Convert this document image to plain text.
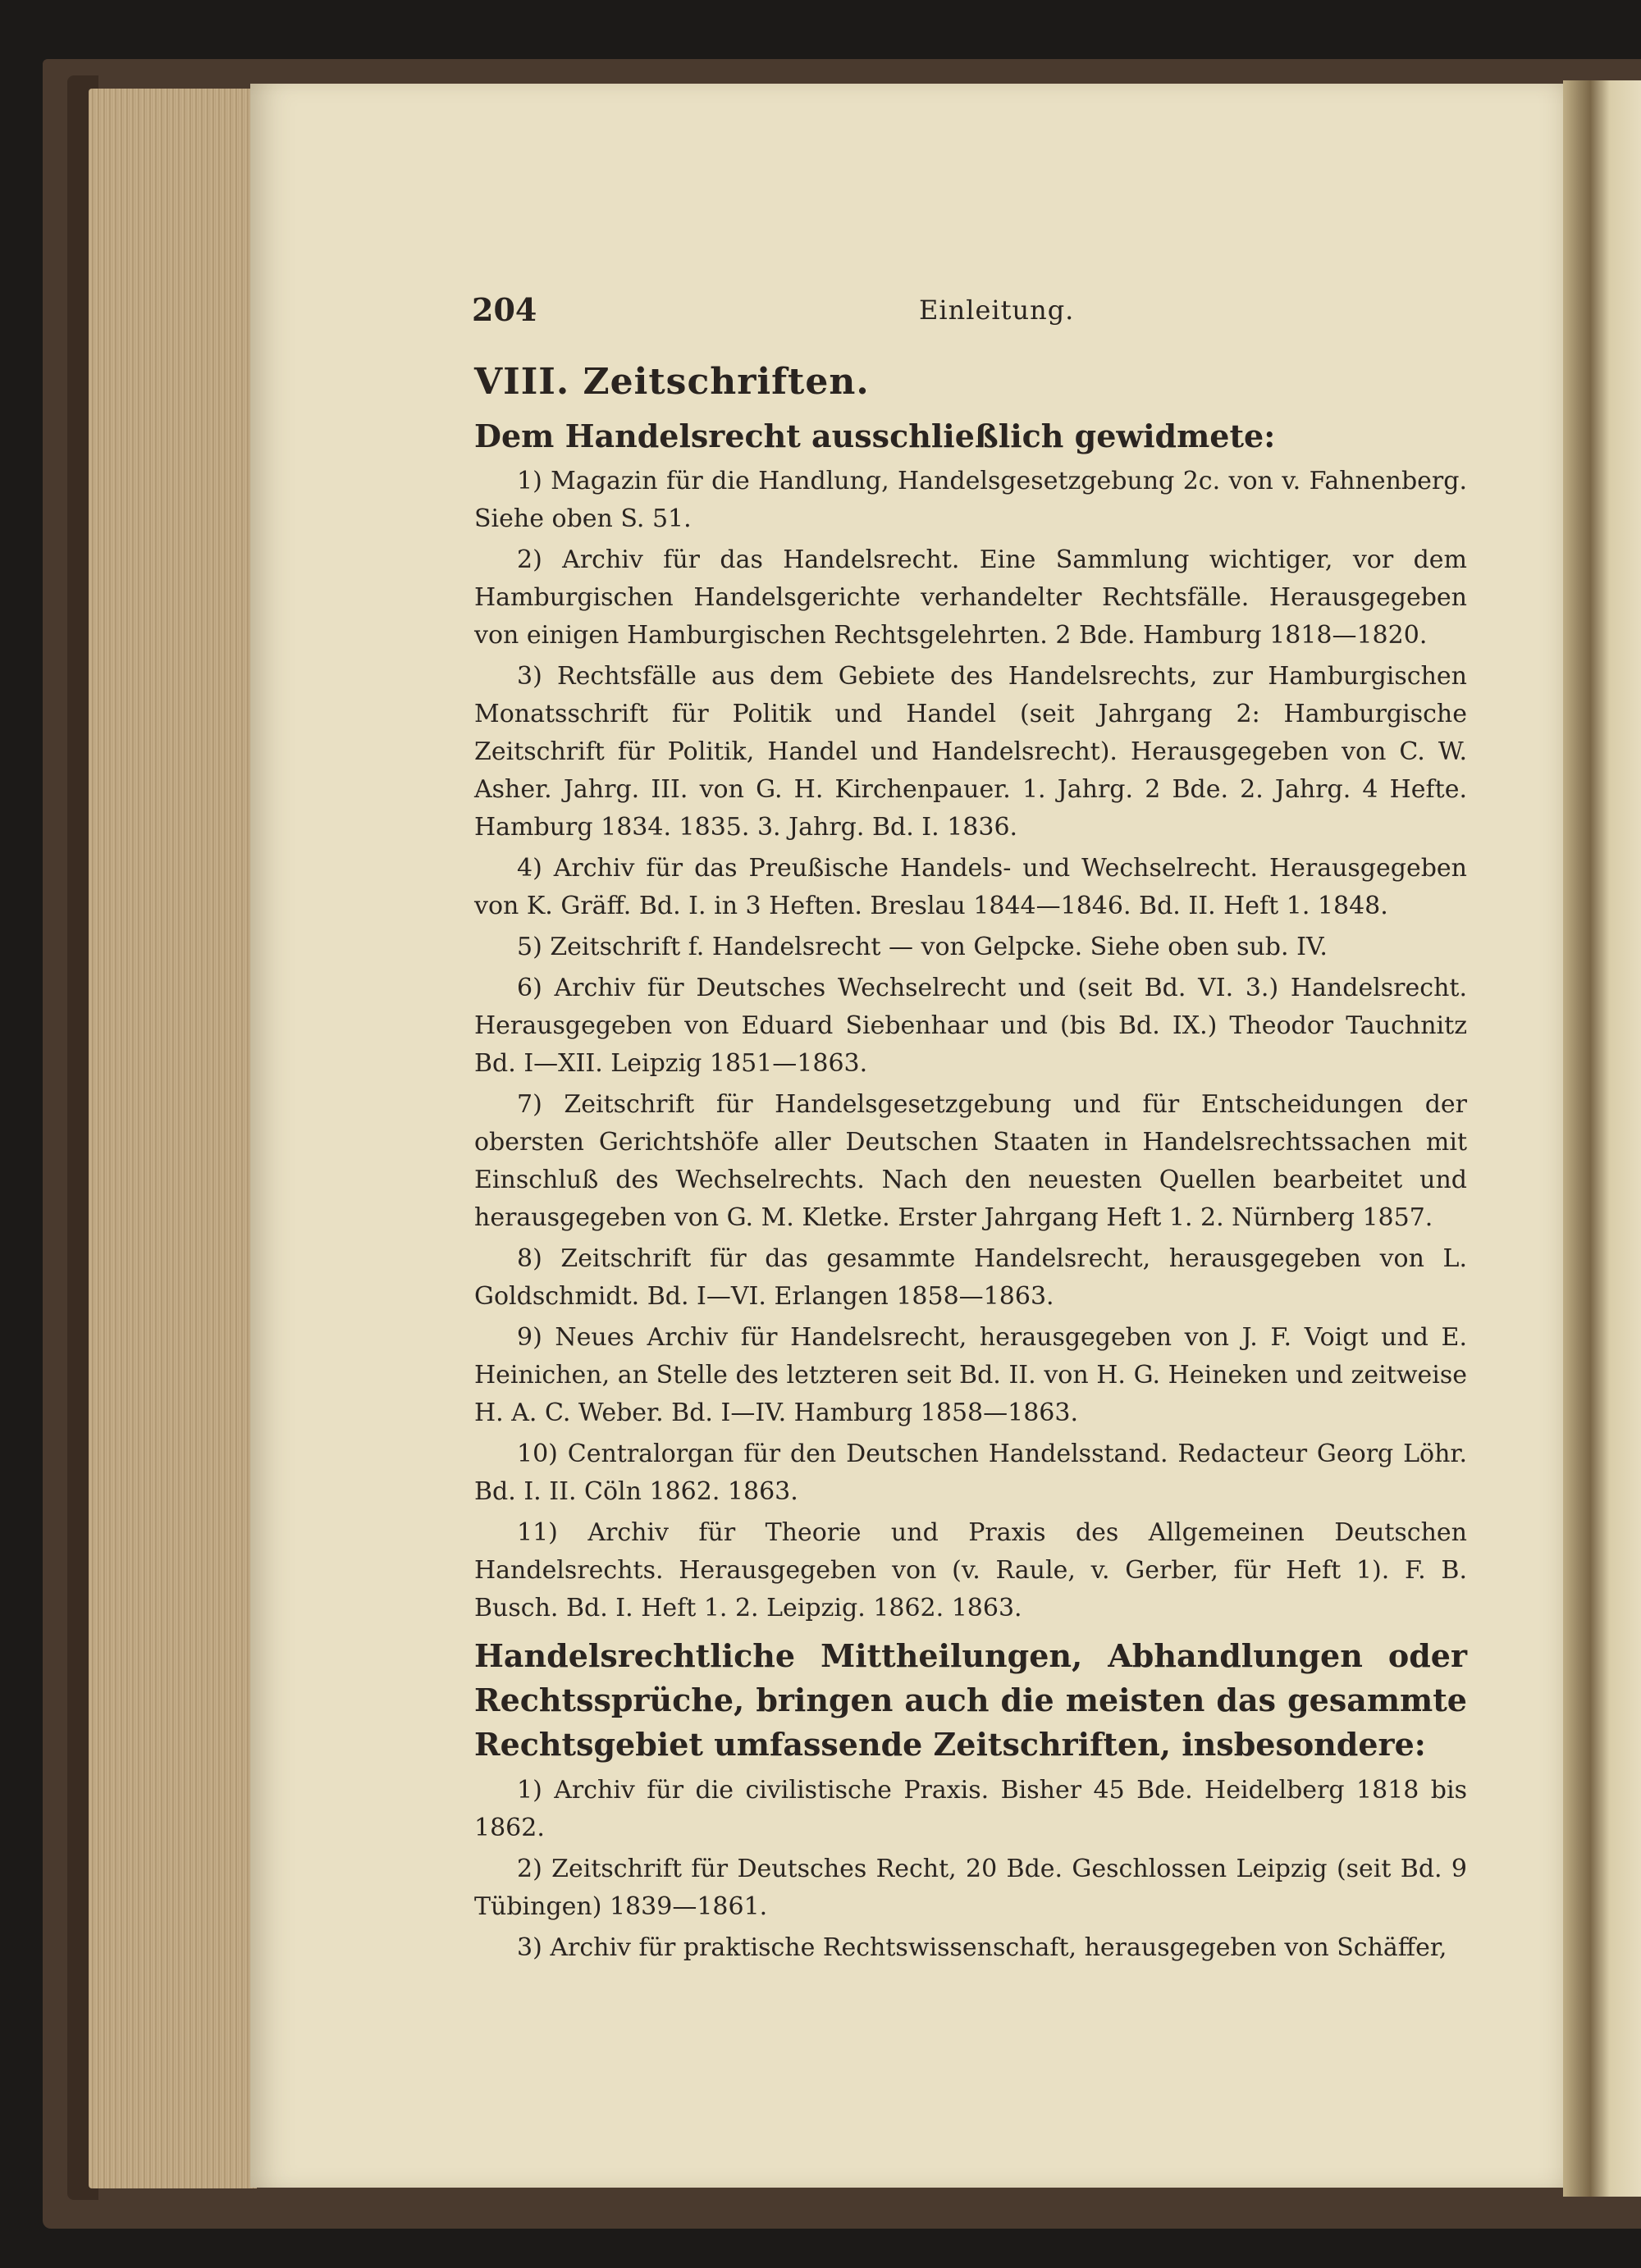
204	Einleitung.
VIII. Zeitschriften.
Dem Handelsrecht ausschließlich gewidmete:

1) Magazin für die Handlung, Handelsgesetzgebung 2c. von v. Fahnenberg. Siehe oben S. 51.

2) Archiv für das Handelsrecht. Eine Sammlung wichtiger, vor dem Hamburgischen Handelsgerichte verhandelter Rechtsfälle. Herausgegeben von einigen Hamburgischen Rechtsgelehrten. 2 Bde. Hamburg 1818—1820.

3) Rechtsfälle aus dem Gebiete des Handelsrechts, zur Hamburgischen Monatsschrift für Politik und Handel (seit Jahrgang 2: Hamburgische Zeitschrift für Politik, Handel und Handelsrecht). Herausgegeben von C. W. Asher. Jahrg. III. von G. H. Kirchenpauer. 1. Jahrg. 2 Bde. 2. Jahrg. 4 Hefte. Hamburg 1834. 1835. 3. Jahrg. Bd. I. 1836.

4) Archiv für das Preußische Handels- und Wechselrecht. Herausgegeben von K. Gräff. Bd. I. in 3 Heften. Breslau 1844—1846. Bd. II. Heft 1. 1848.

5) Zeitschrift f. Handelsrecht — von Gelpcke. Siehe oben sub. IV.

6) Archiv für Deutsches Wechselrecht und (seit Bd. VI. 3.) Handelsrecht. Herausgegeben von Eduard Siebenhaar und (bis Bd. IX.) Theodor Tauchnitz Bd. I—XII. Leipzig 1851—1863.

7) Zeitschrift für Handelsgesetzgebung und für Entscheidungen der obersten Gerichtshöfe aller Deutschen Staaten in Handelsrechtssachen mit Einschluß des Wechselrechts. Nach den neuesten Quellen bearbeitet und herausgegeben von G. M. Kletke. Erster Jahrgang Heft 1. 2. Nürnberg 1857.

8) Zeitschrift für das gesammte Handelsrecht, herausgegeben von L. Goldschmidt. Bd. I—VI. Erlangen 1858—1863.

9) Neues Archiv für Handelsrecht, herausgegeben von J. F. Voigt und E. Heinichen, an Stelle des letzteren seit Bd. II. von H. G. Heineken und zeitweise H. A. C. Weber. Bd. I—IV. Hamburg 1858—1863.

10) Centralorgan für den Deutschen Handelsstand. Redacteur Georg Löhr. Bd. I. II. Cöln 1862. 1863.

11) Archiv für Theorie und Praxis des Allgemeinen Deutschen Handelsrechts. Herausgegeben von (v. Raule, v. Gerber, für Heft 1). F. B. Busch. Bd. I. Heft 1. 2. Leipzig. 1862. 1863.

Handelsrechtliche Mittheilungen, Abhandlungen oder Rechtssprüche, bringen auch die meisten das gesammte Rechtsgebiet umfassende Zeitschriften, insbesondere:

1) Archiv für die civilistische Praxis. Bisher 45 Bde. Heidelberg 1818 bis 1862.

2) Zeitschrift für Deutsches Recht, 20 Bde. Geschlossen Leipzig (seit Bd. 9 Tübingen) 1839—1861.

3) Archiv für praktische Rechtswissenschaft, herausgegeben von Schäffer,
